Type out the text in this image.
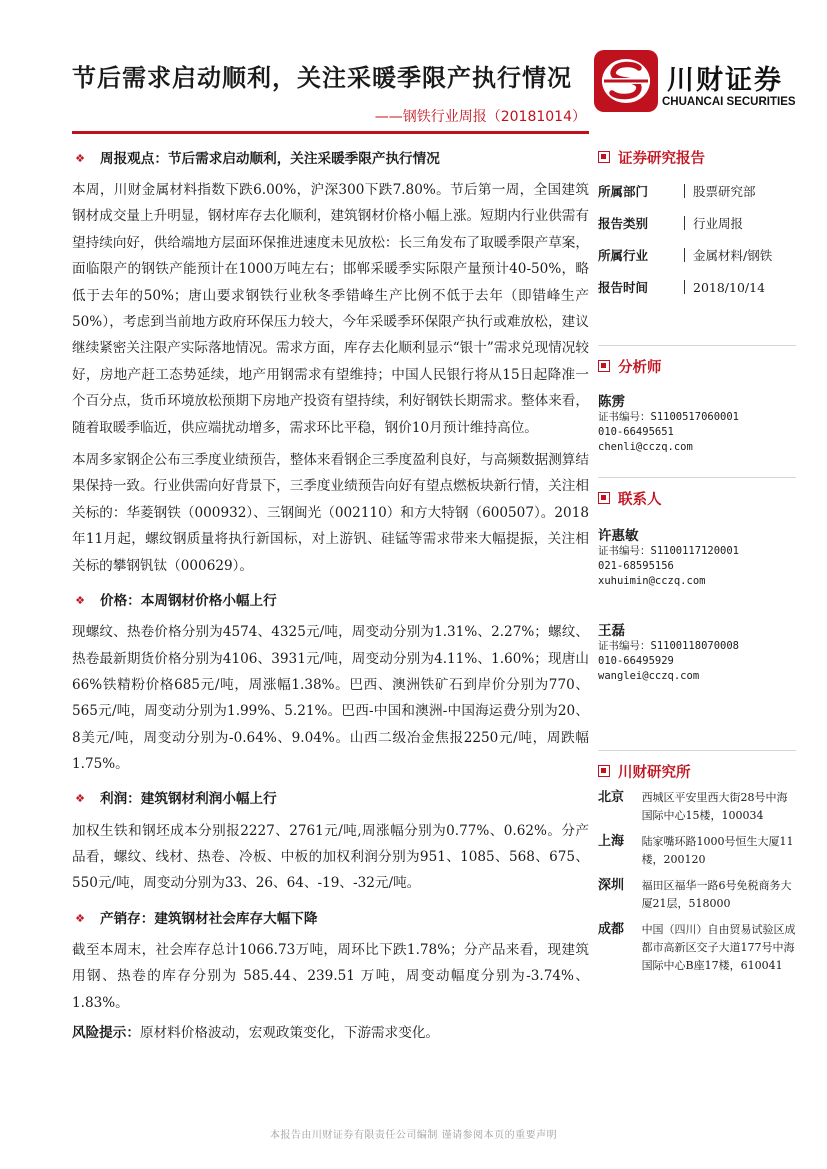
节后需求启动顺利，关注采暖季限产执行情况
——钢铁行业周报（20181014）
川财证券
CHUANCAI SECURITIES
❖ 周报观点：节后需求启动顺利，关注采暖季限产执行情况

本周，川财金属材料指数下跌6.00%，沪深300下跌7.80%。节后第一周，全国建筑钢材成交量上升明显，钢材库存去化顺利，建筑钢材价格小幅上涨。短期内行业供需有望持续向好，供给端地方层面环保推进速度未见放松：长三角发布了取暖季限产草案，面临限产的钢铁产能预计在1000万吨左右；邯郸采暖季实际限产量预计40-50%，略低于去年的50%；唐山要求钢铁行业秋冬季错峰生产比例不低于去年（即错峰生产50%），考虑到当前地方政府环保压力较大，今年采暖季环保限产执行或难放松，建议继续紧密关注限产实际落地情况。需求方面，库存去化顺利显示“银十”需求兑现情况较好，房地产赶工态势延续，地产用钢需求有望维持；中国人民银行将从15日起降准一个百分点，货币环境放松预期下房地产投资有望持续，利好钢铁长期需求。整体来看，随着取暖季临近，供应端扰动增多，需求环比平稳，钢价10月预计维持高位。

本周多家钢企公布三季度业绩预告，整体来看钢企三季度盈利良好，与高频数据测算结果保持一致。行业供需向好背景下，三季度业绩预告向好有望点燃板块新行情，关注相关标的：华菱钢铁（000932）、三钢闽光（002110）和方大特钢（600507）。2018年11月起，螺纹钢质量将执行新国标，对上游钒、硅锰等需求带来大幅提振，关注相关标的攀钢钒钛（000629）。

❖ 价格：本周钢材价格小幅上行

现螺纹、热卷价格分别为4574、4325元/吨，周变动分别为1.31%、2.27%；螺纹、热卷最新期货价格分别为4106、3931元/吨，周变动分别为4.11%、1.60%；现唐山66%铁精粉价格685元/吨，周涨幅1.38%。巴西、澳洲铁矿石到岸价分别为770、565元/吨，周变动分别为1.99%、5.21%。巴西-中国和澳洲-中国海运费分别为20、8美元/吨，周变动分别为-0.64%、9.04%。山西二级冶金焦报2250元/吨，周跌幅1.75%。

❖ 利润：建筑钢材利润小幅上行

加权生铁和钢坯成本分别报2227、2761元/吨,周涨幅分别为0.77%、0.62%。分产品看，螺纹、线材、热卷、冷板、中板的加权利润分别为951、1085、568、675、550元/吨，周变动分别为33、26、64、-19、-32元/吨。

❖ 产销存：建筑钢材社会库存大幅下降

截至本周末，社会库存总计1066.73万吨，周环比下跌1.78%；分产品来看，现建筑用钢、热卷的库存分别为 585.44、239.51 万吨，周变动幅度分别为-3.74%、1.83%。

风险提示：原材料价格波动，宏观政策变化，下游需求变化。

证券研究报告
所属部门	股票研究部
报告类别	行业周报
所属行业	金属材料/钢铁
报告时间	2018/10/14
分析师
陈雳
证书编号：S1100517060001
010-66495651
chenli@cczq.com
联系人
许惠敏
证书编号：S1100117120001
021-68595156
xuhuimin@cczq.com
王磊
证书编号：S1100118070008
010-66495929
wanglei@cczq.com
川财研究所
北京	西城区平安里西大街28号中海国际中心15楼，100034
上海	陆家嘴环路1000号恒生大厦11楼，200120
深圳	福田区福华一路6号免税商务大厦21层，518000
成都	中国（四川）自由贸易试验区成都市高新区交子大道177号中海国际中心B座17楼，610041
本报告由川财证券有限责任公司编制 谨请参阅本页的重要声明
